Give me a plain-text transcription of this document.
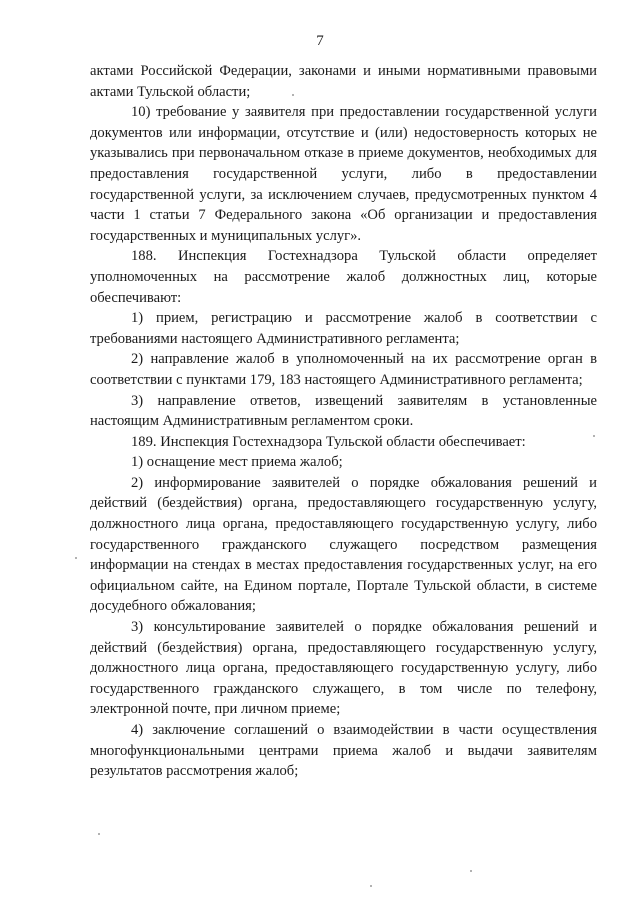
7

актами Российской Федерации, законами и иными нормативными правовыми актами Тульской области;

10) требование у заявителя при предоставлении государственной услуги документов или информации, отсутствие и (или) недостоверность которых не указывались при первоначальном отказе в приеме документов, необходимых для предоставления государственной услуги, либо в предоставлении государственной услуги, за исключением случаев, предусмотренных пунктом 4 части 1 статьи 7 Федерального закона «Об организации и предоставления государственных и муниципальных услуг».

188. Инспекция Гостехнадзора Тульской области определяет уполномоченных на рассмотрение жалоб должностных лиц, которые обеспечивают:

1) прием, регистрацию и рассмотрение жалоб в соответствии с требованиями настоящего Административного регламента;

2) направление жалоб в уполномоченный на их рассмотрение орган в соответствии с пунктами 179, 183 настоящего Административного регламента;

3) направление ответов, извещений заявителям в установленные настоящим Административным регламентом сроки.

189. Инспекция Гостехнадзора Тульской области обеспечивает:

1) оснащение мест приема жалоб;

2) информирование заявителей о порядке обжалования решений и действий (бездействия) органа, предоставляющего государственную услугу, должностного лица органа, предоставляющего государственную услугу, либо государственного гражданского служащего посредством размещения информации на стендах в местах предоставления государственных услуг, на его официальном сайте, на Едином портале, Портале Тульской области, в системе досудебного обжалования;

3) консультирование заявителей о порядке обжалования решений и действий (бездействия) органа, предоставляющего государственную услугу, должностного лица органа, предоставляющего государственную услугу, либо государственного гражданского служащего, в том числе по телефону, электронной почте, при личном приеме;

4) заключение соглашений о взаимодействии в части осуществления многофункциональными центрами приема жалоб и выдачи заявителям результатов рассмотрения жалоб;
